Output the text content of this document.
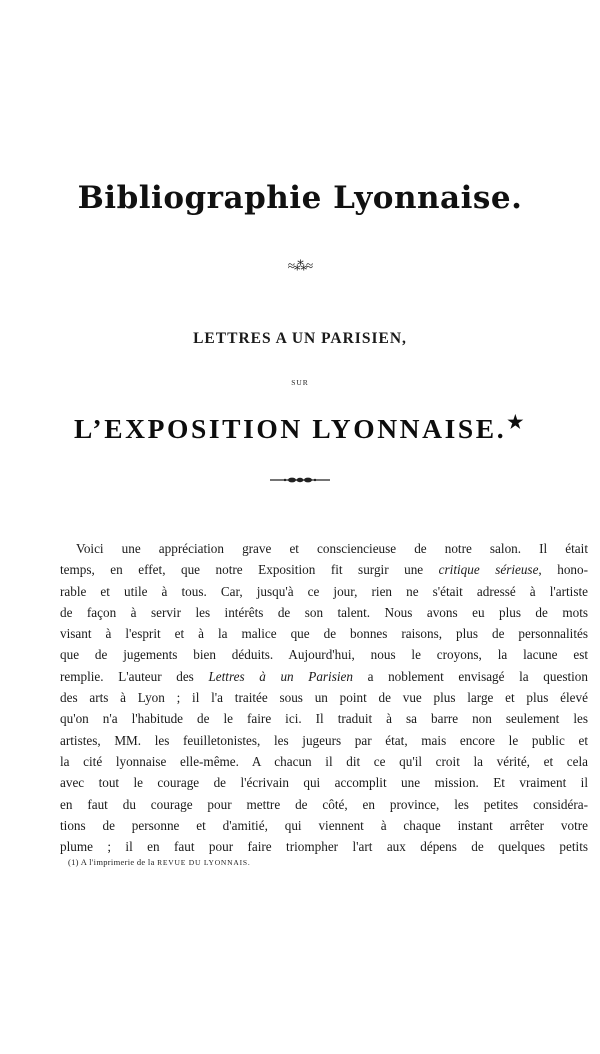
Bibliographie Lyonnaise.
≈⁂≈
LETTRES A UN PARISIEN,
SUR
L’EXPOSITION LYONNAISE.★
Voici une appréciation grave et consciencieuse de notre salon. Il était
temps, en effet, que notre Exposition fit surgir une critique sérieuse, hono-
rable et utile à tous. Car, jusqu'à ce jour, rien ne s'était adressé à l'artiste
de façon à servir les intérêts de son talent. Nous avons eu plus de mots
visant à l'esprit et à la malice que de bonnes raisons, plus de personnalités
que de jugements bien déduits. Aujourd'hui, nous le croyons, la lacune est
remplie. L'auteur des Lettres à un Parisien a noblement envisagé la question
des arts à Lyon ; il l'a traitée sous un point de vue plus large et plus élevé
qu'on n'a l'habitude de le faire ici. Il traduit à sa barre non seulement les
artistes, MM. les feuilletonistes, les jugeurs par état, mais encore le public et
la cité lyonnaise elle-même. A chacun il dit ce qu'il croit la vérité, et cela
avec tout le courage de l'écrivain qui accomplit une mission. Et vraiment il
en faut du courage pour mettre de côté, en province, les petites considéra-
tions de personne et d'amitié, qui viennent à chaque instant arrêter votre
plume ; il en faut pour faire triompher l'art aux dépens de quelques petits
(1) A l'imprimerie de la REVUE DU LYONNAIS.
